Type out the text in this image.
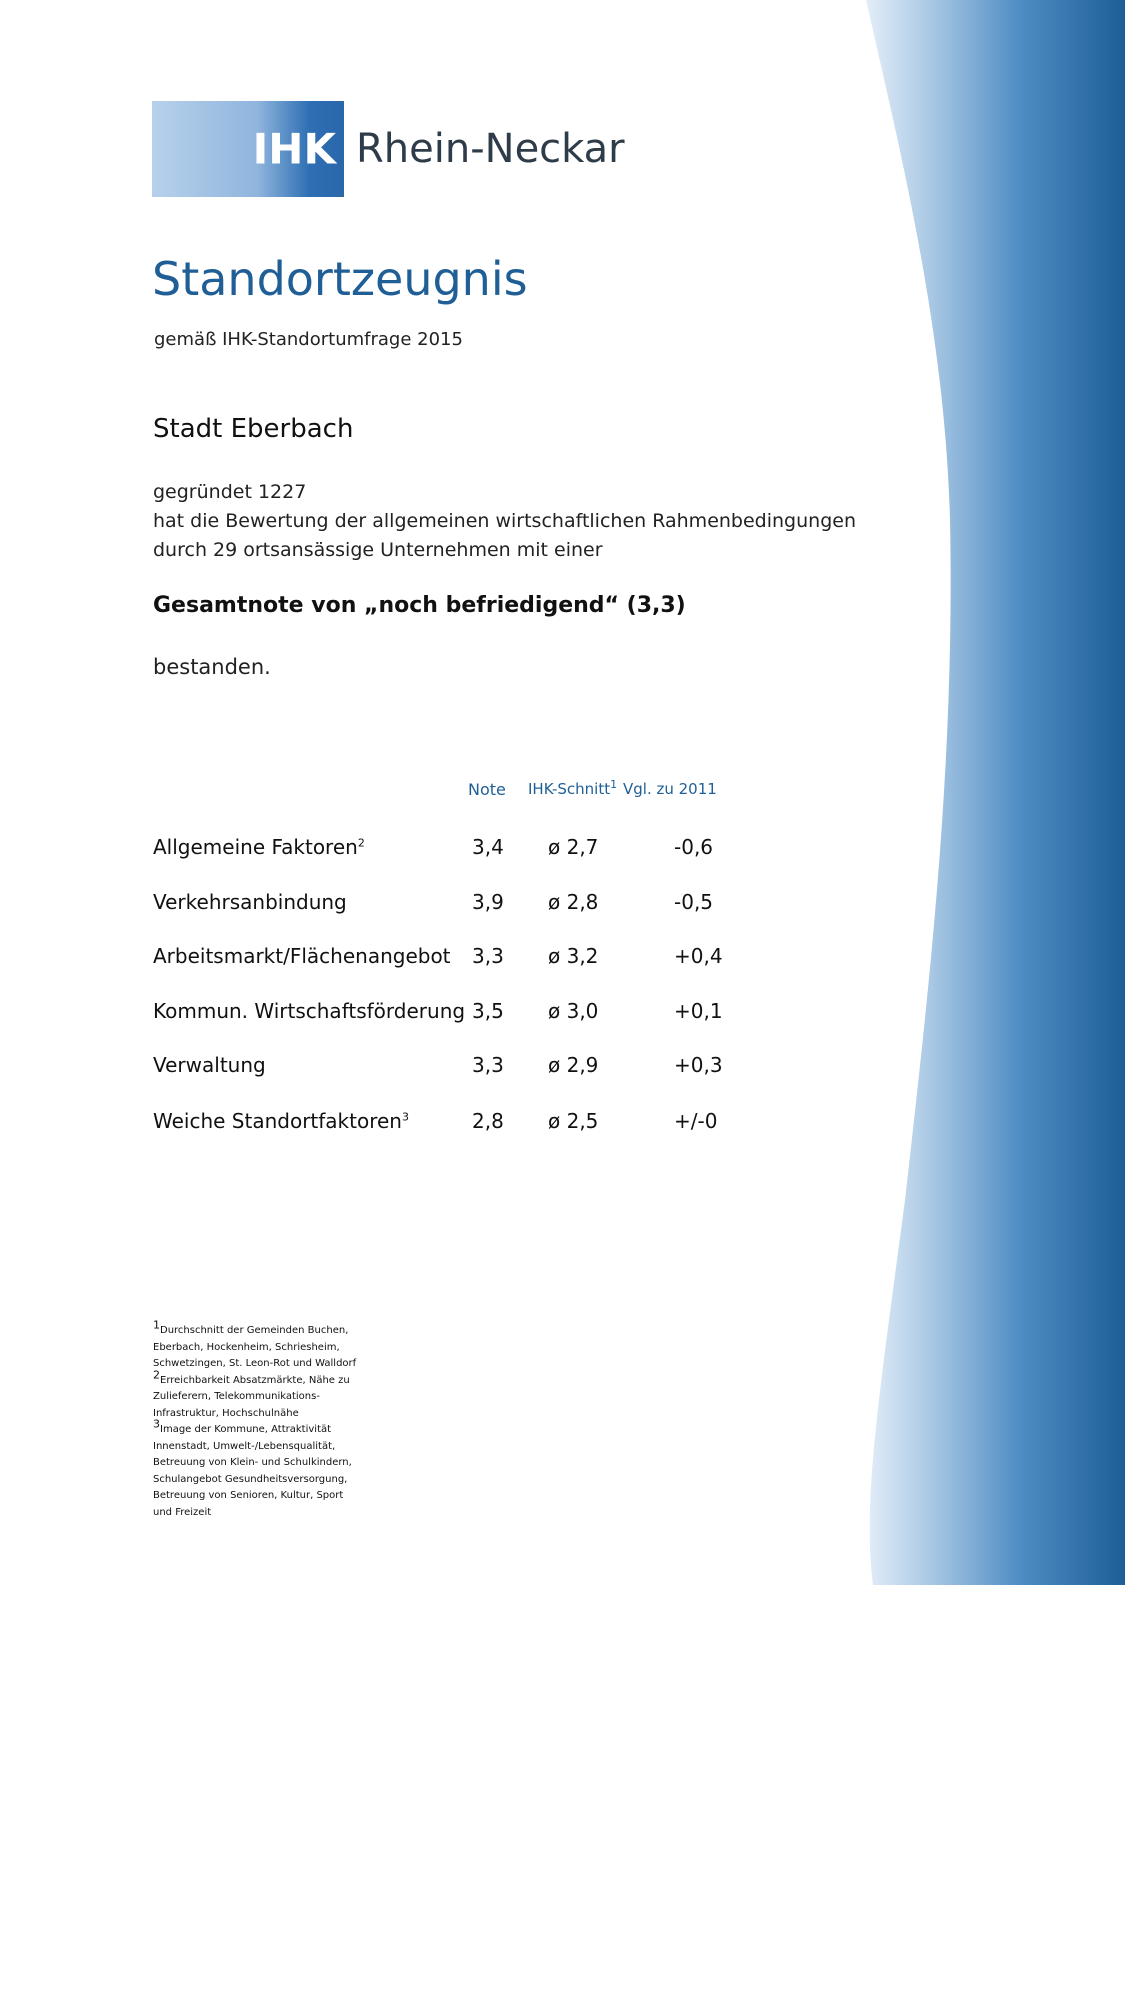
IHK Rhein-Neckar
Standortzeugnis
gemäß IHK-Standortumfrage 2015
Stadt Eberbach
gegründet 1227
hat die Bewertung der allgemeinen wirtschaftlichen Rahmenbedingungen
durch 29 ortsansässige Unternehmen mit einer
Gesamtnote von „noch befriedigend“ (3,3)
bestanden.
Note IHK-Schnitt$^1$ Vgl. zu 2011
Allgemeine Faktoren$^2$	3,4 ø 2,7	-0,6
Verkehrsanbindung	3,9 ø 2,8	-0,5
Arbeitsmarkt/Flächenangebot 3,3 ø 3,2	+0,4
Kommun. Wirtschaftsförderung 3,5 ø 3,0	+0,1
Verwaltung	3,3 ø 2,9	+0,3
Weiche Standortfaktoren$^3$	2,8 ø 2,5	+/-0
$^1$Durchschnitt der Gemeinden Buchen,
Eberbach, Hockenheim, Schriesheim,
Schwetzingen, St. Leon-Rot und Walldorf
$^2$Erreichbarkeit Absatzmärkte, Nähe zu
Zulieferern, Telekommunikations-
Infrastruktur, Hochschulnähe
$^3$Image der Kommune, Attraktivität
Innenstadt, Umwelt-/Lebensqualität,
Betreuung von Klein- und Schulkindern,
Schulangebot Gesundheitsversorgung,
Betreuung von Senioren, Kultur, Sport
und Freizeit
